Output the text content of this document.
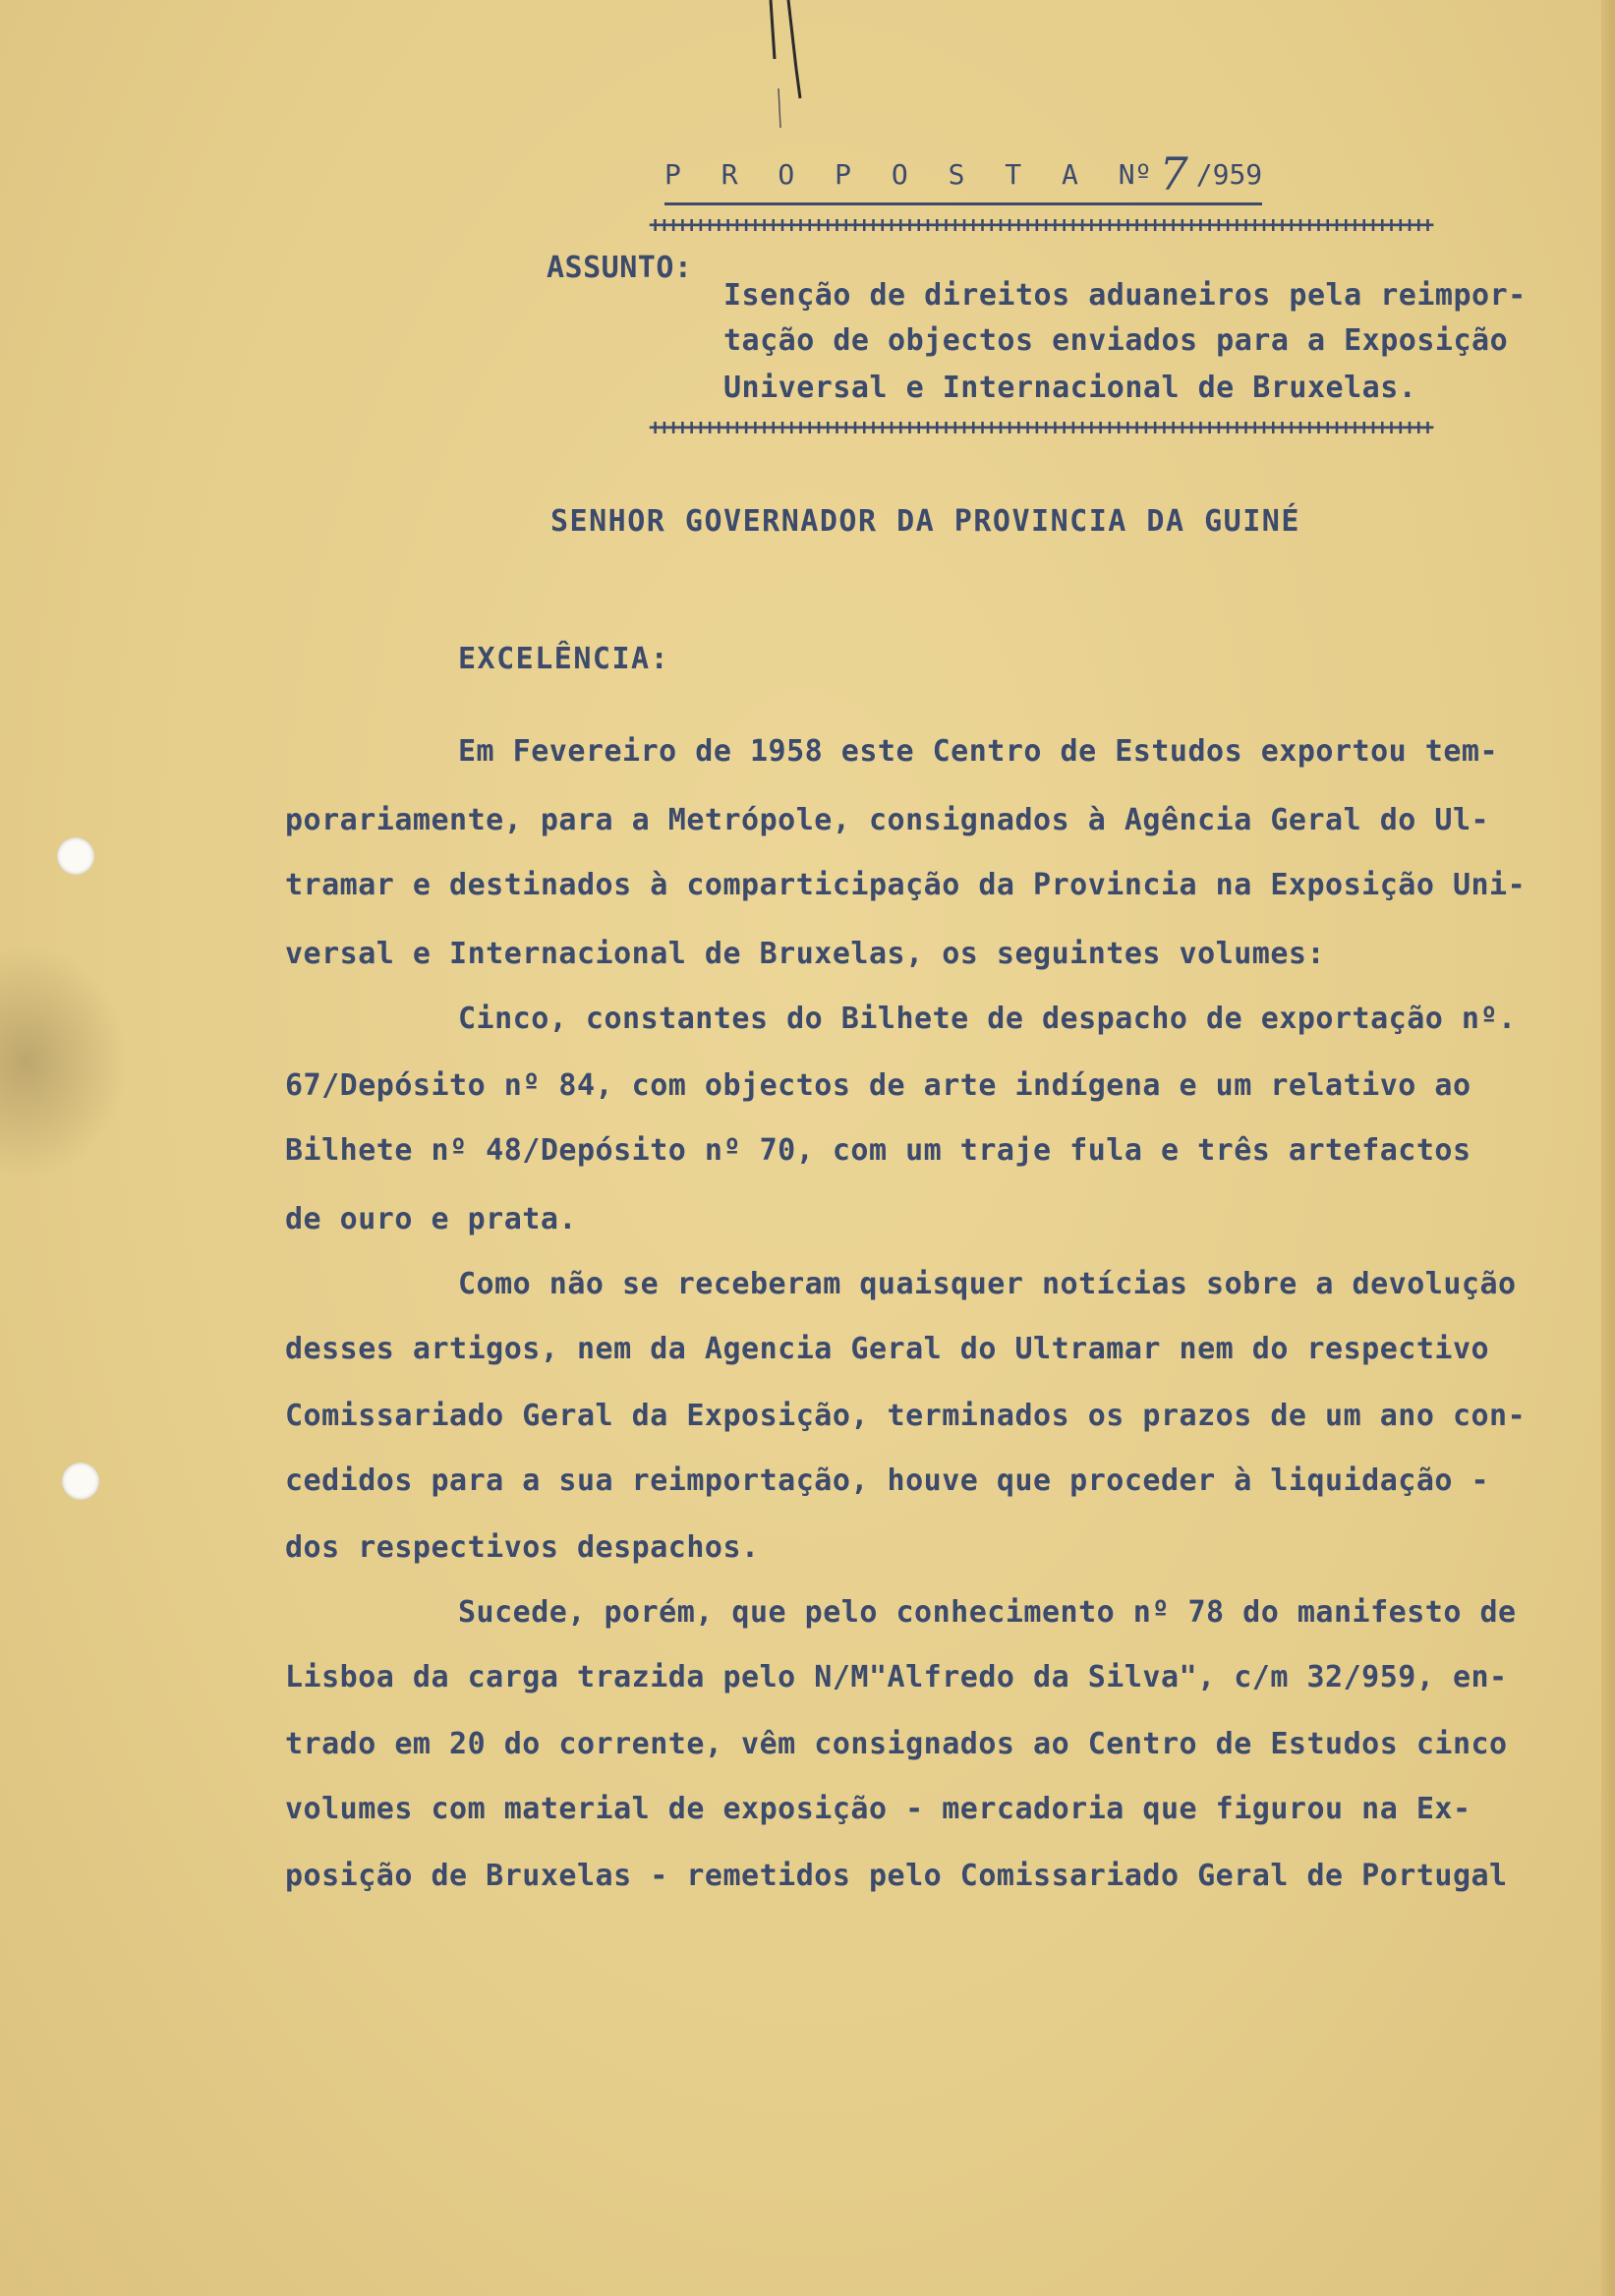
P R O P O S T A Nº 7 /959
++++++++++++++++++++++++++++++++++++++++++++++++++++++++++++++++++++++++++++++++++++++
ASSUNTO:
Isenção de direitos aduaneiros pela reimpor-
tação de objectos enviados para a Exposição
Universal e Internacional de Bruxelas.
++++++++++++++++++++++++++++++++++++++++++++++++++++++++++++++++++++++++++++++++++++++
SENHOR GOVERNADOR DA PROVINCIA DA GUINÉ
EXCELÊNCIA:
Em Fevereiro de 1958 este Centro de Estudos exportou tem-
porariamente, para a Metrópole, consignados à Agência Geral do Ul-
tramar e destinados à comparticipação da Provincia na Exposição Uni-
versal e Internacional de Bruxelas, os seguintes volumes:
Cinco, constantes do Bilhete de despacho de exportação nº.
67/Depósito nº 84, com objectos de arte indígena e um relativo ao
Bilhete nº 48/Depósito nº 70, com um traje fula e três artefactos
de ouro e prata.
Como não se receberam quaisquer notícias sobre a devolução
desses artigos, nem da Agencia Geral do Ultramar nem do respectivo
Comissariado Geral da Exposição, terminados os prazos de um ano con-
cedidos para a sua reimportação, houve que proceder à liquidação -
dos respectivos despachos.
Sucede, porém, que pelo conhecimento nº 78 do manifesto de
Lisboa da carga trazida pelo N/M"Alfredo da Silva", c/m 32/959, en-
trado em 20 do corrente, vêm consignados ao Centro de Estudos cinco
volumes com material de exposição - mercadoria que figurou na Ex-
posição de Bruxelas - remetidos pelo Comissariado Geral de Portugal
